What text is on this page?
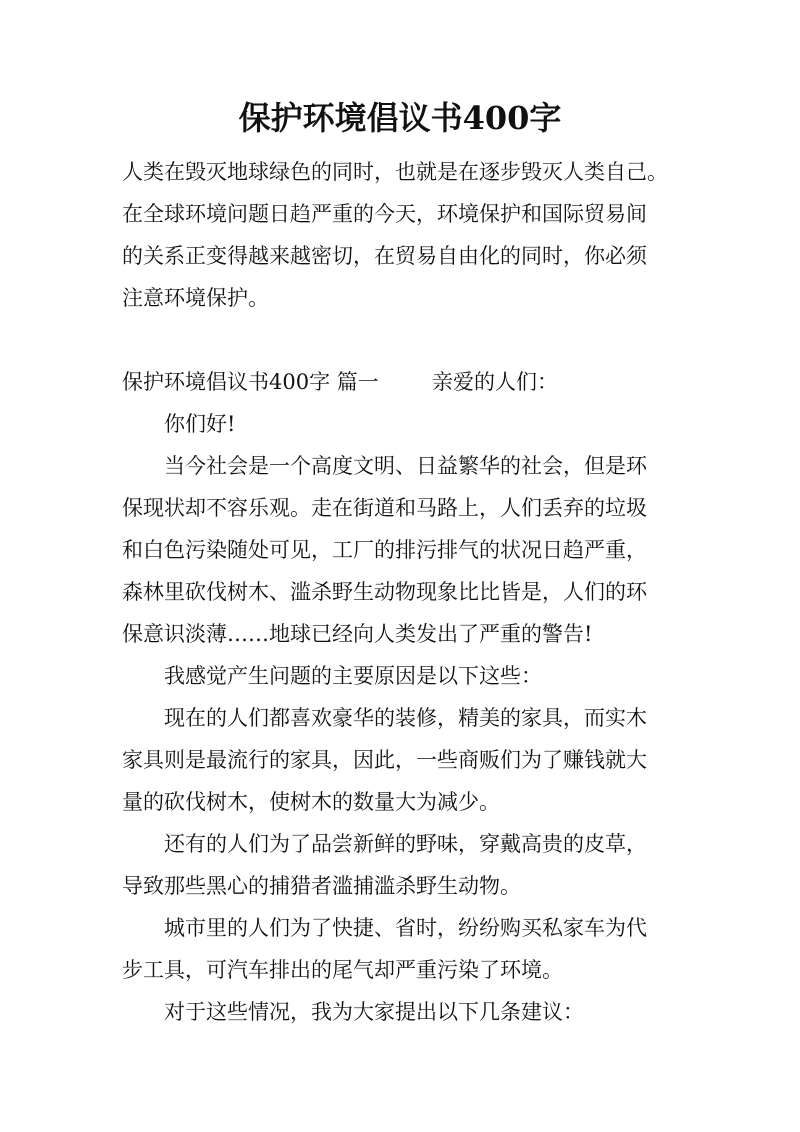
保护环境倡议书400字

人类在毁灭地球绿色的同时，也就是在逐步毁灭人类自己。

在全球环境问题日趋严重的今天，环境保护和国际贸易间

的关系正变得越来越密切，在贸易自由化的同时，你必须

注意环境保护。

保护环境倡议书400字 篇一	亲爱的人们：

你们好!

当今社会是一个高度文明、日益繁华的社会，但是环

保现状却不容乐观。走在街道和马路上，人们丢弃的垃圾

和白色污染随处可见，工厂的排污排气的状况日趋严重，

森林里砍伐树木、滥杀野生动物现象比比皆是，人们的环

保意识淡薄……地球已经向人类发出了严重的警告!

我感觉产生问题的主要原因是以下这些：

现在的人们都喜欢豪华的装修，精美的家具，而实木

家具则是最流行的家具，因此，一些商贩们为了赚钱就大

量的砍伐树木，使树木的数量大为减少。

还有的人们为了品尝新鲜的野味，穿戴高贵的皮草，

导致那些黑心的捕猎者滥捕滥杀野生动物。

城市里的人们为了快捷、省时，纷纷购买私家车为代

步工具，可汽车排出的尾气却严重污染了环境。

对于这些情况，我为大家提出以下几条建议：
